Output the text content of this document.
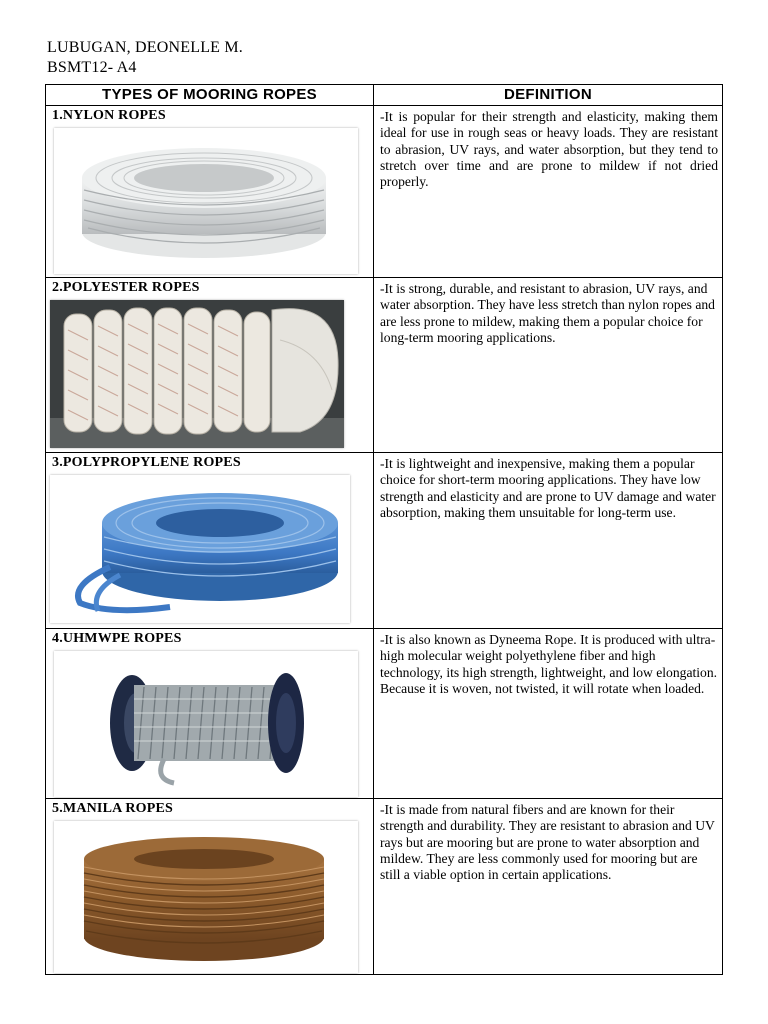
LUBUGAN, DEONELLE M.
BSMT12- A4
TYPES OF MOORING ROPES	DEFINITION

1.NYLON ROPES	-It is popular for their strength and elasticity, making them ideal for use in rough seas or heavy loads. They are resistant to abrasion, UV rays, and water absorption, but they tend to stretch over time and are prone to mildew if not dried properly.

2.POLYESTER ROPES	-It is strong, durable, and resistant to abrasion, UV rays, and water absorption. They have less stretch than nylon ropes and are less prone to mildew, making them a popular choice for long-term mooring applications.

3.POLYPROPYLENE ROPES	-It is lightweight and inexpensive, making them a popular choice for short-term mooring applications. They have low strength and elasticity and are prone to UV damage and water absorption, making them unsuitable for long-term use.

4.UHMWPE ROPES	-It is also known as Dyneema Rope. It is produced with ultra-high molecular weight polyethylene fiber and high technology, its high strength, lightweight, and low elongation. Because it is woven, not twisted, it will rotate when loaded.

5.MANILA ROPES	-It is made from natural fibers and are known for their strength and durability. They are resistant to abrasion and UV rays but are mooring but are prone to water absorption and mildew. They are less commonly used for mooring but are still a viable option in certain applications.
